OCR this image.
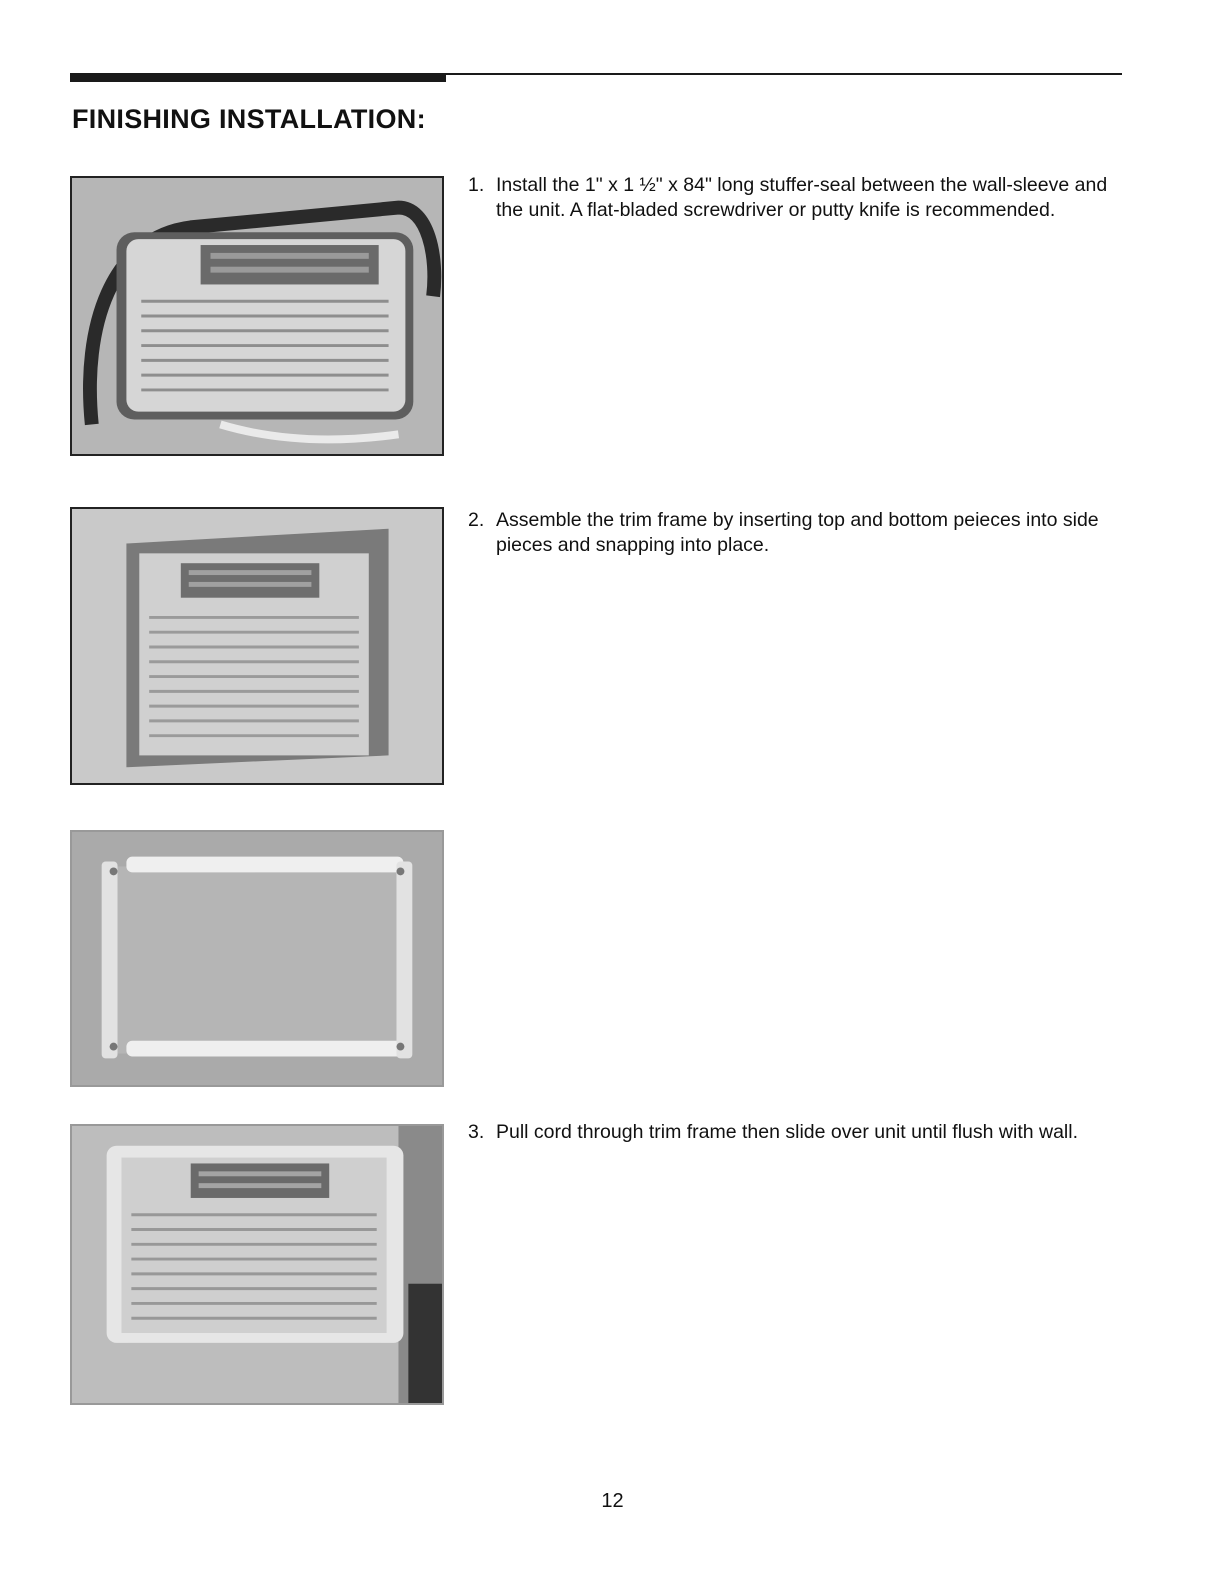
FINISHING INSTALLATION:

1. Install the 1" x 1 ½" x 84" long stuffer-seal between the wall-sleeve and the unit. A flat-bladed screwdriver or putty knife is recommended.

2. Assemble the trim frame by inserting top and bottom peieces into side pieces and snapping into place.

3. Pull cord through trim frame then slide over unit until flush with wall.

12
